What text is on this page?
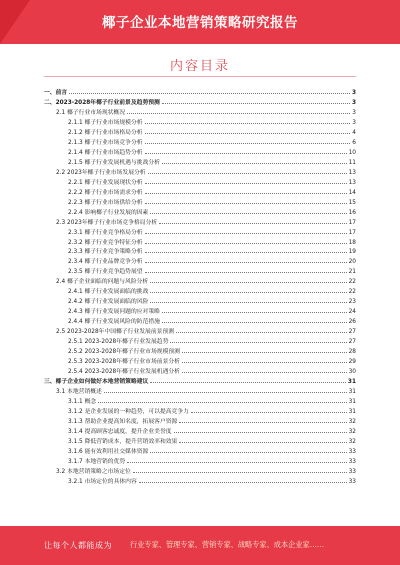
椰子企业本地营销策略研究报告
内容目录
一、前言	3
二、2023-2028年椰子行业前景及趋势预测	3
2.1 椰子行业市场现状概况	3
2.1.1 椰子行业市场规模分析	3
2.1.2 椰子行业市场格局分析	4
2.1.3 椰子行业市场竞争分析	6
2.1.4 椰子行业市场趋势分析	10
2.1.5 椰子行业发展机遇与挑战分析	11
2.2 2023年椰子行业市场发展分析	13
2.2.1 椰子行业发展现状分析	13
2.2.2 椰子行业市场需求分析	14
2.2.3 椰子行业市场供给分析	15
2.2.4 影响椰子行业发展的因素	16
2.3 2023年椰子行业市场竞争格局分析	17
2.3.1 椰子行业竞争格局分析	17
2.3.2 椰子行业竞争特征分析	18
2.3.3 椰子行业竞争策略分析	19
2.3.4 椰子行业品牌竞争分析	20
2.3.5 椰子行业竞争趋势展望	21
2.4 椰子企业面临的问题与风险分析	22
2.4.1 椰子行业发展面临的挑战	22
2.4.2 椰子行业发展面临的风险	23
2.4.3 椰子行业发展问题的应对策略	24
2.4.4 椰子行业发展风险的防范措施	26
2.5 2023-2028年中国椰子行业发展前景预测	27
2.5.1 2023-2028年椰子行业发展趋势	27
2.5.2 2023-2028年椰子行业市场规模预测	28
2.5.3 2023-2028年椰子行业市场前景分析	29
2.5.4 2023-2028年椰子行业发展机遇分析	30
三、椰子企业如何做好本地营销策略建议	31
3.1 本地营销概述	31
3.1.1 概念	31
3.1.2 是企业发展的一种趋势，可以提高竞争力	31
3.1.3 帮助企业提高知名度，拓展客户资源	32
3.1.4 提高顾客忠诚度，提升企业美誉度	32
3.1.5 降低营销成本，提升营销效率和效果	32
3.1.6 能有效利用社交媒体资源	33
3.1.7 本地营销的优势	33
3.2 本地营销策略之市场定位	33
3.2.1 市场定位的具体内容	33
让每个人都能成为	行业专家、管理专家、营销专家、战略专家、成本企业家……
